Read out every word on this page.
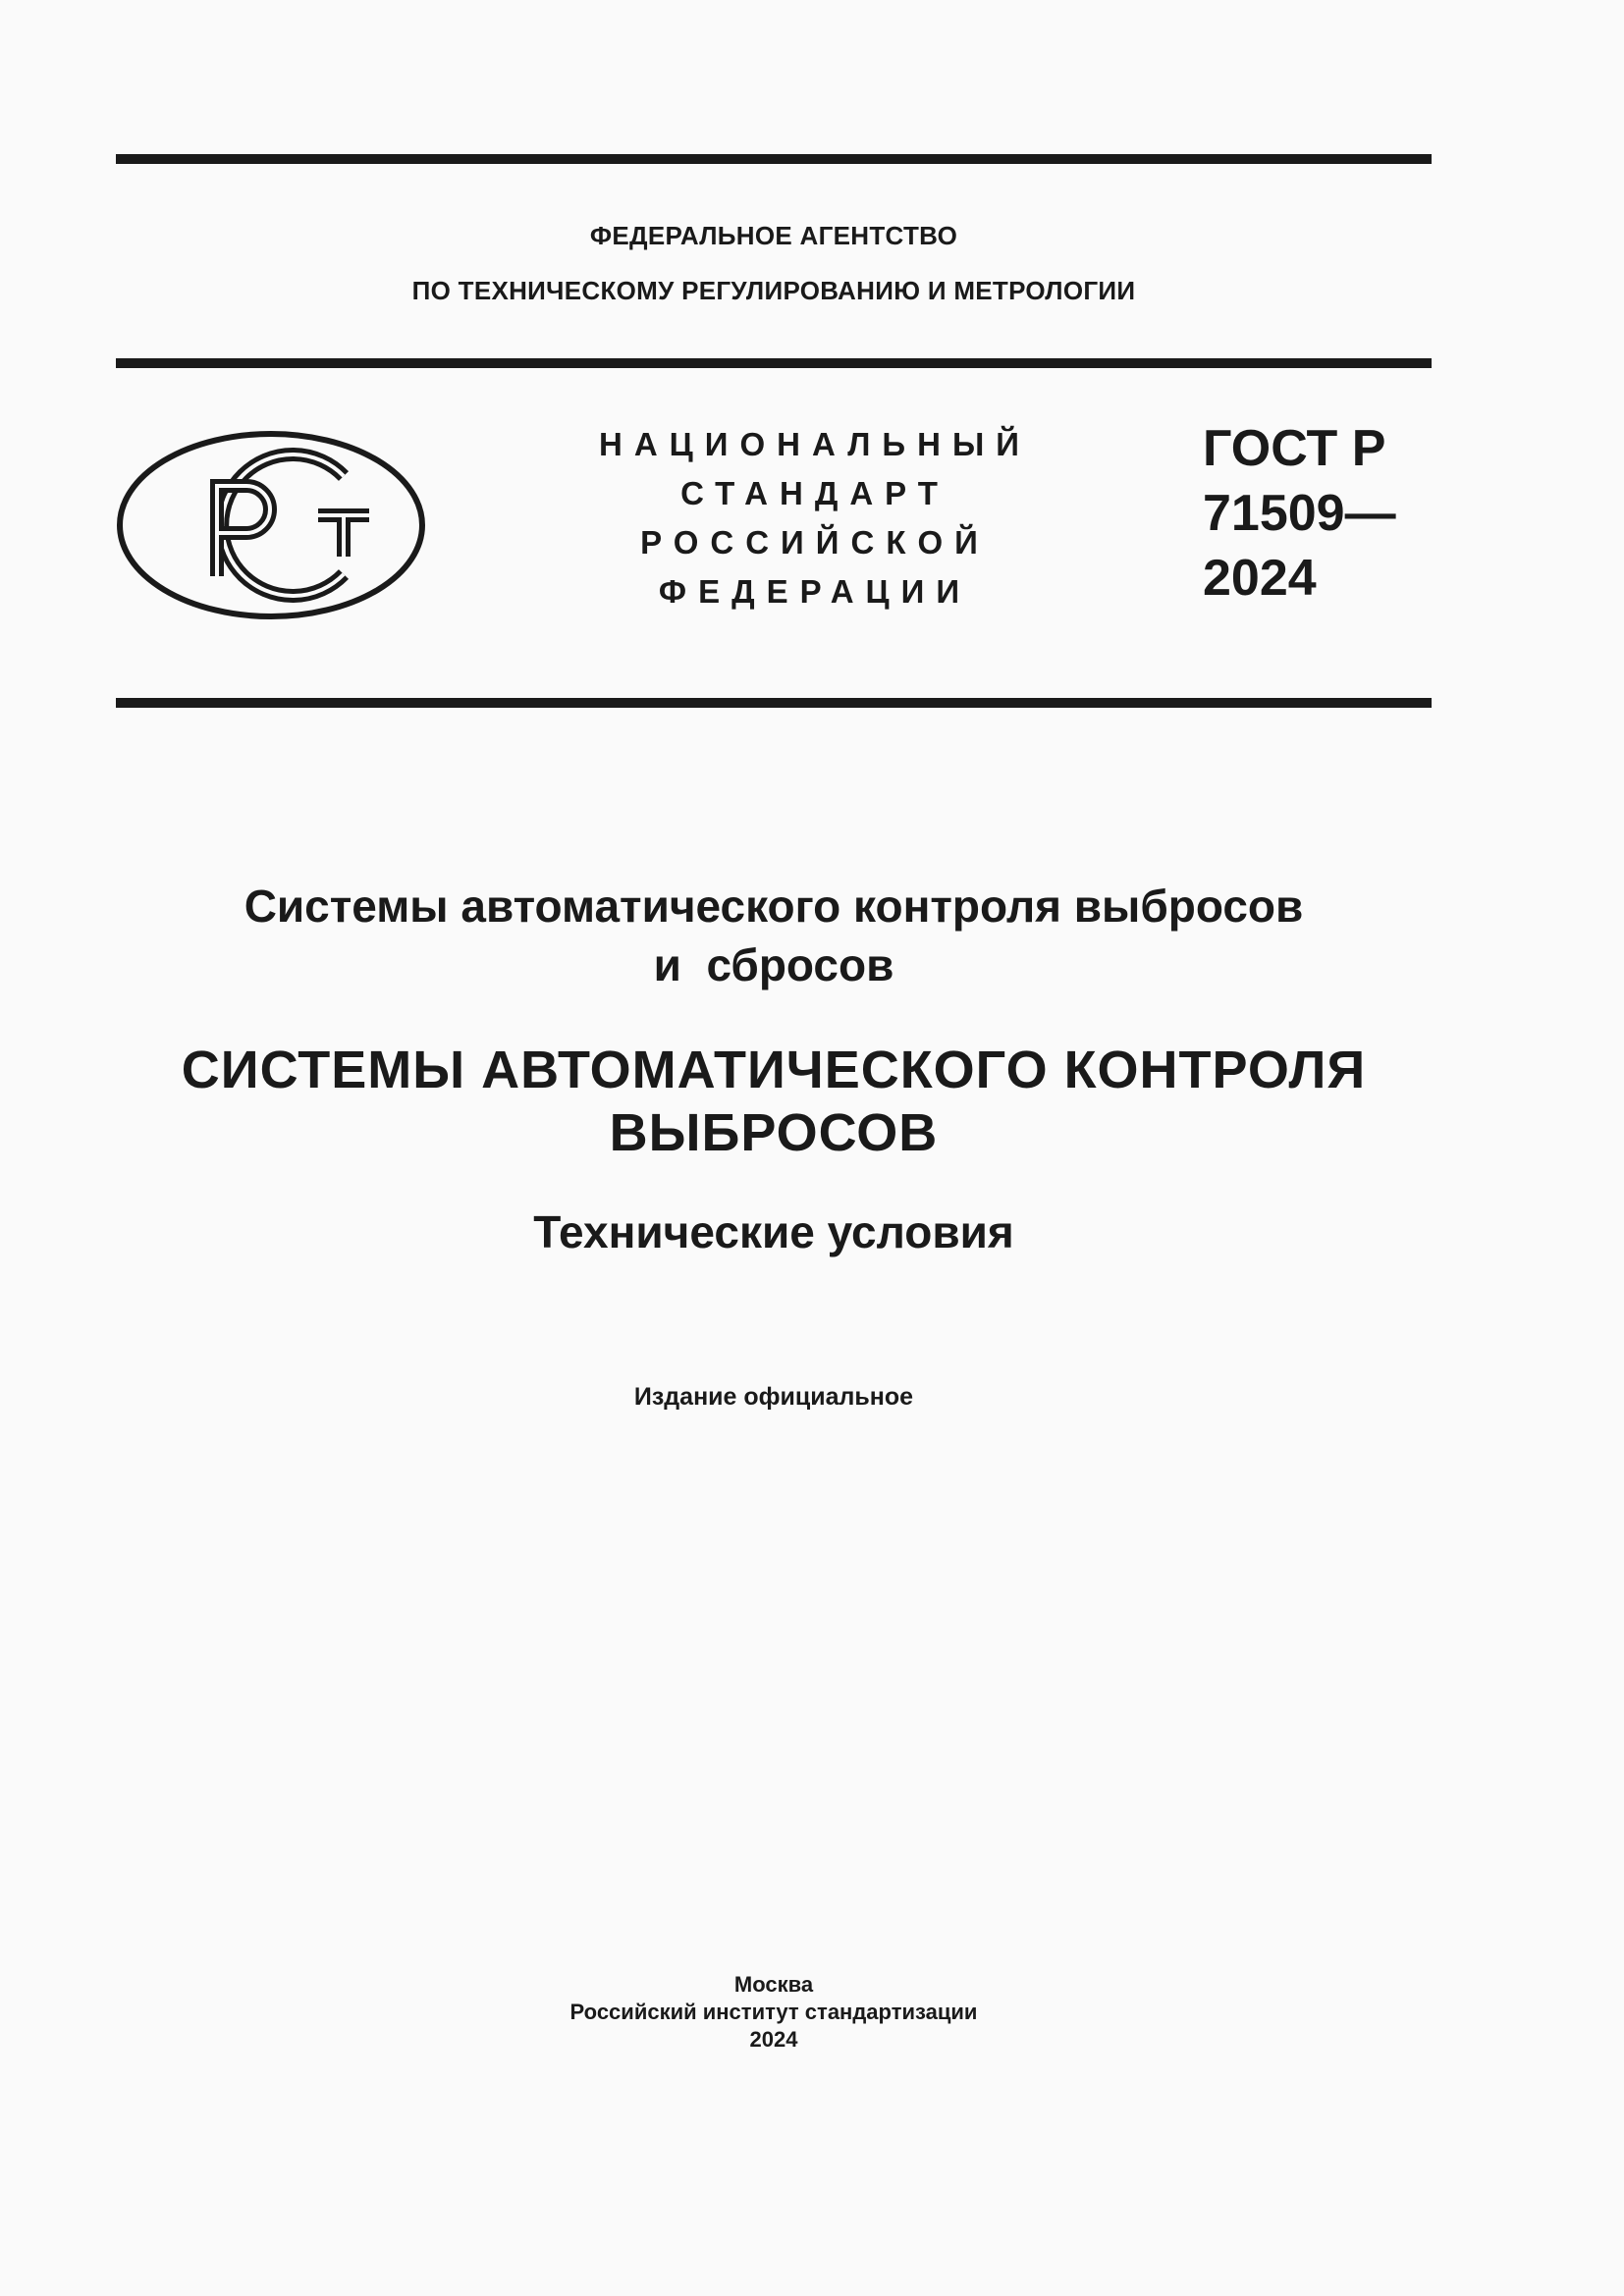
ФЕДЕРАЛЬНОЕ АГЕНТСТВО
ПО ТЕХНИЧЕСКОМУ РЕГУЛИРОВАНИЮ И МЕТРОЛОГИИ
НАЦИОНАЛЬНЫЙ
СТАНДАРТ
РОССИЙСКОЙ
ФЕДЕРАЦИИ
ГОСТ Р
71509—
2024
Системы автоматического контроля выбросов
и  сбросов
СИСТЕМЫ АВТОМАТИЧЕСКОГО КОНТРОЛЯ
ВЫБРОСОВ
Технические условия
Издание официальное
Москва
Российский институт стандартизации
2024
